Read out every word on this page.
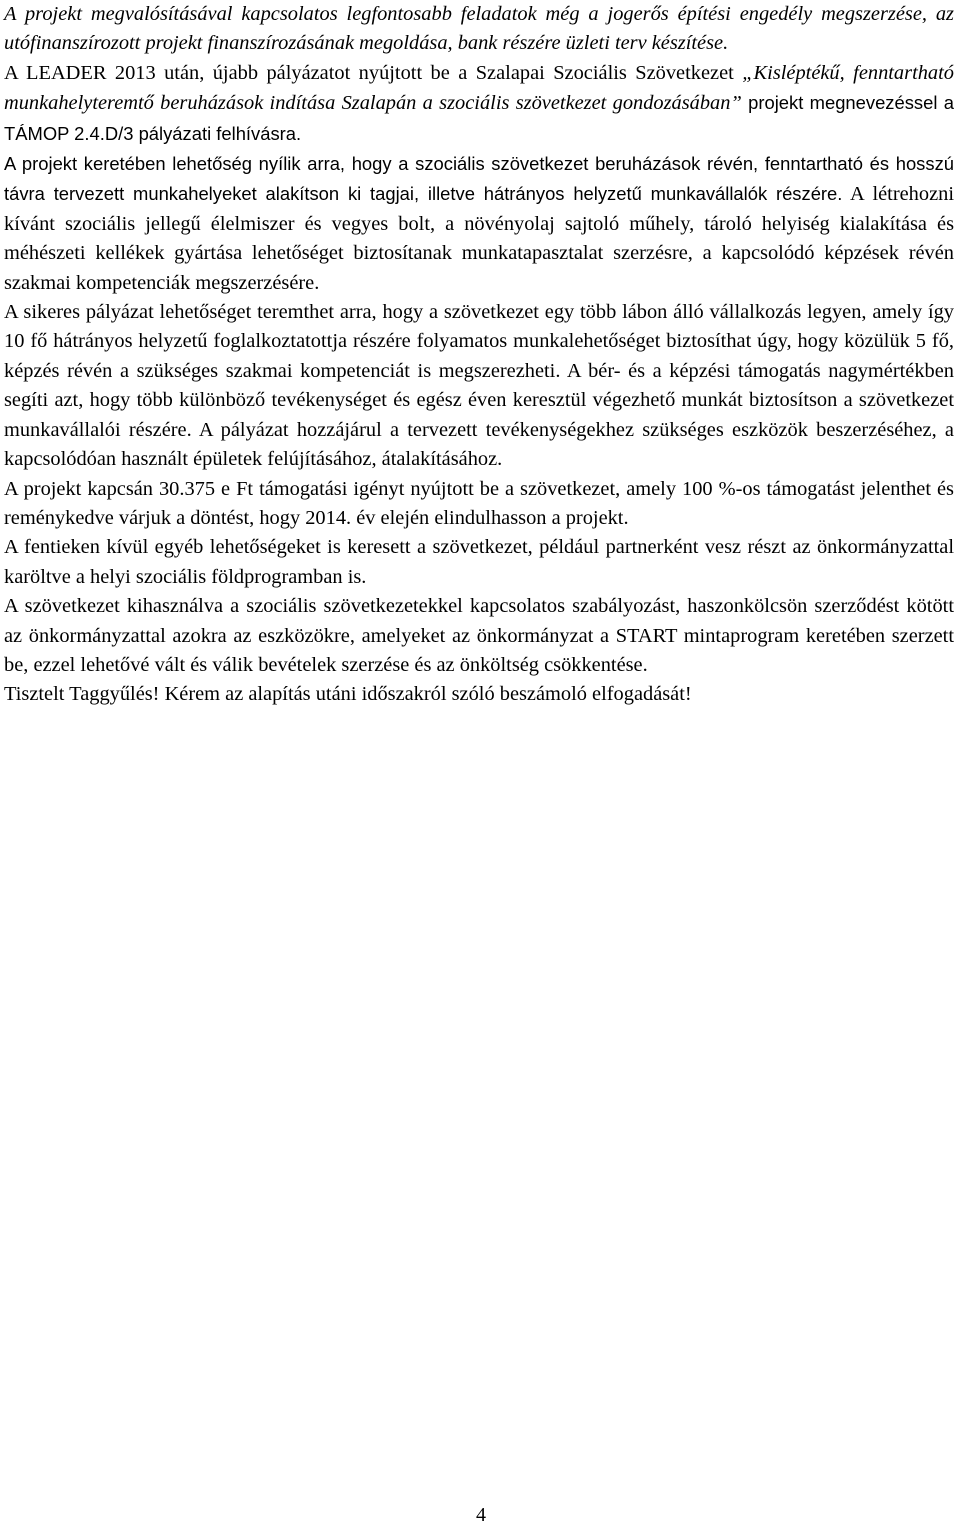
A projekt megvalósításával kapcsolatos legfontosabb feladatok még a jogerős építési engedély megszerzése, az utófinanszírozott projekt finanszírozásának megoldása, bank részére üzleti terv készítése.

A LEADER 2013 után, újabb pályázatot nyújtott be a Szalapai Szociális Szövetkezet „Kisléptékű, fenntartható munkahelyteremtő beruházások indítása Szalapán a szociális szövetkezet gondozásában” projekt megnevezéssel a TÁMOP 2.4.D/3 pályázati felhívásra.

A projekt keretében lehetőség nyílik arra, hogy a szociális szövetkezet beruházások révén, fenntartható és hosszú távra tervezett munkahelyeket alakítson ki tagjai, illetve hátrányos helyzetű munkavállalók részére. A létrehozni kívánt szociális jellegű élelmiszer és vegyes bolt, a növényolaj sajtoló műhely, tároló helyiség kialakítása és méhészeti kellékek gyártása lehetőséget biztosítanak munkatapasztalat szerzésre, a kapcsolódó képzések révén szakmai kompetenciák megszerzésére.

A sikeres pályázat lehetőséget teremthet arra, hogy a szövetkezet egy több lábon álló vállalkozás legyen, amely így 10 fő hátrányos helyzetű foglalkoztatottja részére folyamatos munkalehetőséget biztosíthat úgy, hogy közülük 5 fő, képzés révén a szükséges szakmai kompetenciát is megszerezheti. A bér- és a képzési támogatás nagymértékben segíti azt, hogy több különböző tevékenységet és egész éven keresztül végezhető munkát biztosítson a szövetkezet munkavállalói részére. A pályázat hozzájárul a tervezett tevékenységekhez szükséges eszközök beszerzéséhez, a kapcsolódóan használt épületek felújításához, átalakításához.

A projekt kapcsán 30.375 e Ft támogatási igényt nyújtott be a szövetkezet, amely 100 %-os támogatást jelenthet és reménykedve várjuk a döntést, hogy 2014. év elején elindulhasson a projekt.

A fentieken kívül egyéb lehetőségeket is keresett a szövetkezet, például partnerként vesz részt az önkormányzattal karöltve a helyi szociális földprogramban is.

A szövetkezet kihasználva a szociális szövetkezetekkel kapcsolatos szabályozást, haszonkölcsön szerződést kötött az önkormányzattal azokra az eszközökre, amelyeket az önkormányzat a START mintaprogram keretében szerzett be, ezzel lehetővé vált és válik bevételek szerzése és az önköltség csökkentése.

Tisztelt Taggyűlés! Kérem az alapítás utáni időszakról szóló beszámoló elfogadását!

4
